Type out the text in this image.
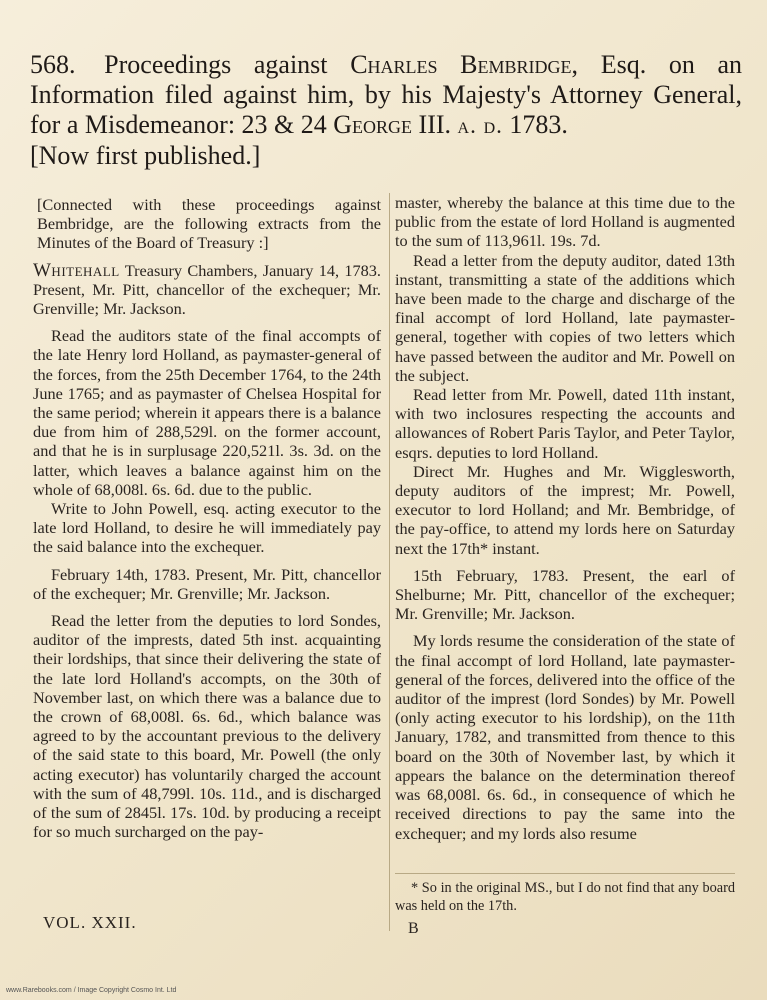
568. Proceedings against Charles Bembridge, Esq. on an Information filed against him, by his Majesty's Attorney General, for a Misdemeanor: 23 & 24 George III. a. d. 1783.
[Now first published.]

[Connected with these proceedings against Bembridge, are the following extracts from the Minutes of the Board of Treasury :]

Whitehall Treasury Chambers, January 14, 1783. Present, Mr. Pitt, chancellor of the exchequer; Mr. Grenville; Mr. Jackson.

Read the auditors state of the final accompts of the late Henry lord Holland, as paymaster-general of the forces, from the 25th December 1764, to the 24th June 1765; and as paymaster of Chelsea Hospital for the same period; wherein it appears there is a balance due from him of 288,529l. on the former account, and that he is in surplusage 220,521l. 3s. 3d. on the latter, which leaves a balance against him on the whole of 68,008l. 6s. 6d. due to the public.

Write to John Powell, esq. acting executor to the late lord Holland, to desire he will immediately pay the said balance into the exchequer.

February 14th, 1783. Present, Mr. Pitt, chancellor of the exchequer; Mr. Grenville; Mr. Jackson.

Read the letter from the deputies to lord Sondes, auditor of the imprests, dated 5th inst. acquainting their lordships, that since their delivering the state of the late lord Holland's accompts, on the 30th of November last, on which there was a balance due to the crown of 68,008l. 6s. 6d., which balance was agreed to by the accountant previous to the delivery of the said state to this board, Mr. Powell (the only acting executor) has voluntarily charged the account with the sum of 48,799l. 10s. 11d., and is discharged of the sum of 2845l. 17s. 10d. by producing a receipt for so much surcharged on the pay-

master, whereby the balance at this time due to the public from the estate of lord Holland is augmented to the sum of 113,961l. 19s. 7d.

Read a letter from the deputy auditor, dated 13th instant, transmitting a state of the additions which have been made to the charge and discharge of the final accompt of lord Holland, late paymaster-general, together with copies of two letters which have passed between the auditor and Mr. Powell on the subject.

Read letter from Mr. Powell, dated 11th instant, with two inclosures respecting the accounts and allowances of Robert Paris Taylor, and Peter Taylor, esqrs. deputies to lord Holland.

Direct Mr. Hughes and Mr. Wigglesworth, deputy auditors of the imprest; Mr. Powell, executor to lord Holland; and Mr. Bembridge, of the pay-office, to attend my lords here on Saturday next the 17th* instant.

15th February, 1783. Present, the earl of Shelburne; Mr. Pitt, chancellor of the exchequer; Mr. Grenville; Mr. Jackson.

My lords resume the consideration of the state of the final accompt of lord Holland, late paymaster-general of the forces, delivered into the office of the auditor of the imprest (lord Sondes) by Mr. Powell (only acting executor to his lordship), on the 11th January, 1782, and transmitted from thence to this board on the 30th of November last, by which it appears the balance on the determination thereof was 68,008l. 6s. 6d., in consequence of which he received directions to pay the same into the exchequer; and my lords also resume

* So in the original MS., but I do not find that any board was held on the 17th.
B
VOL. XXII.
www.Rarebooks.com / Image Copyright Cosmo Int. Ltd
